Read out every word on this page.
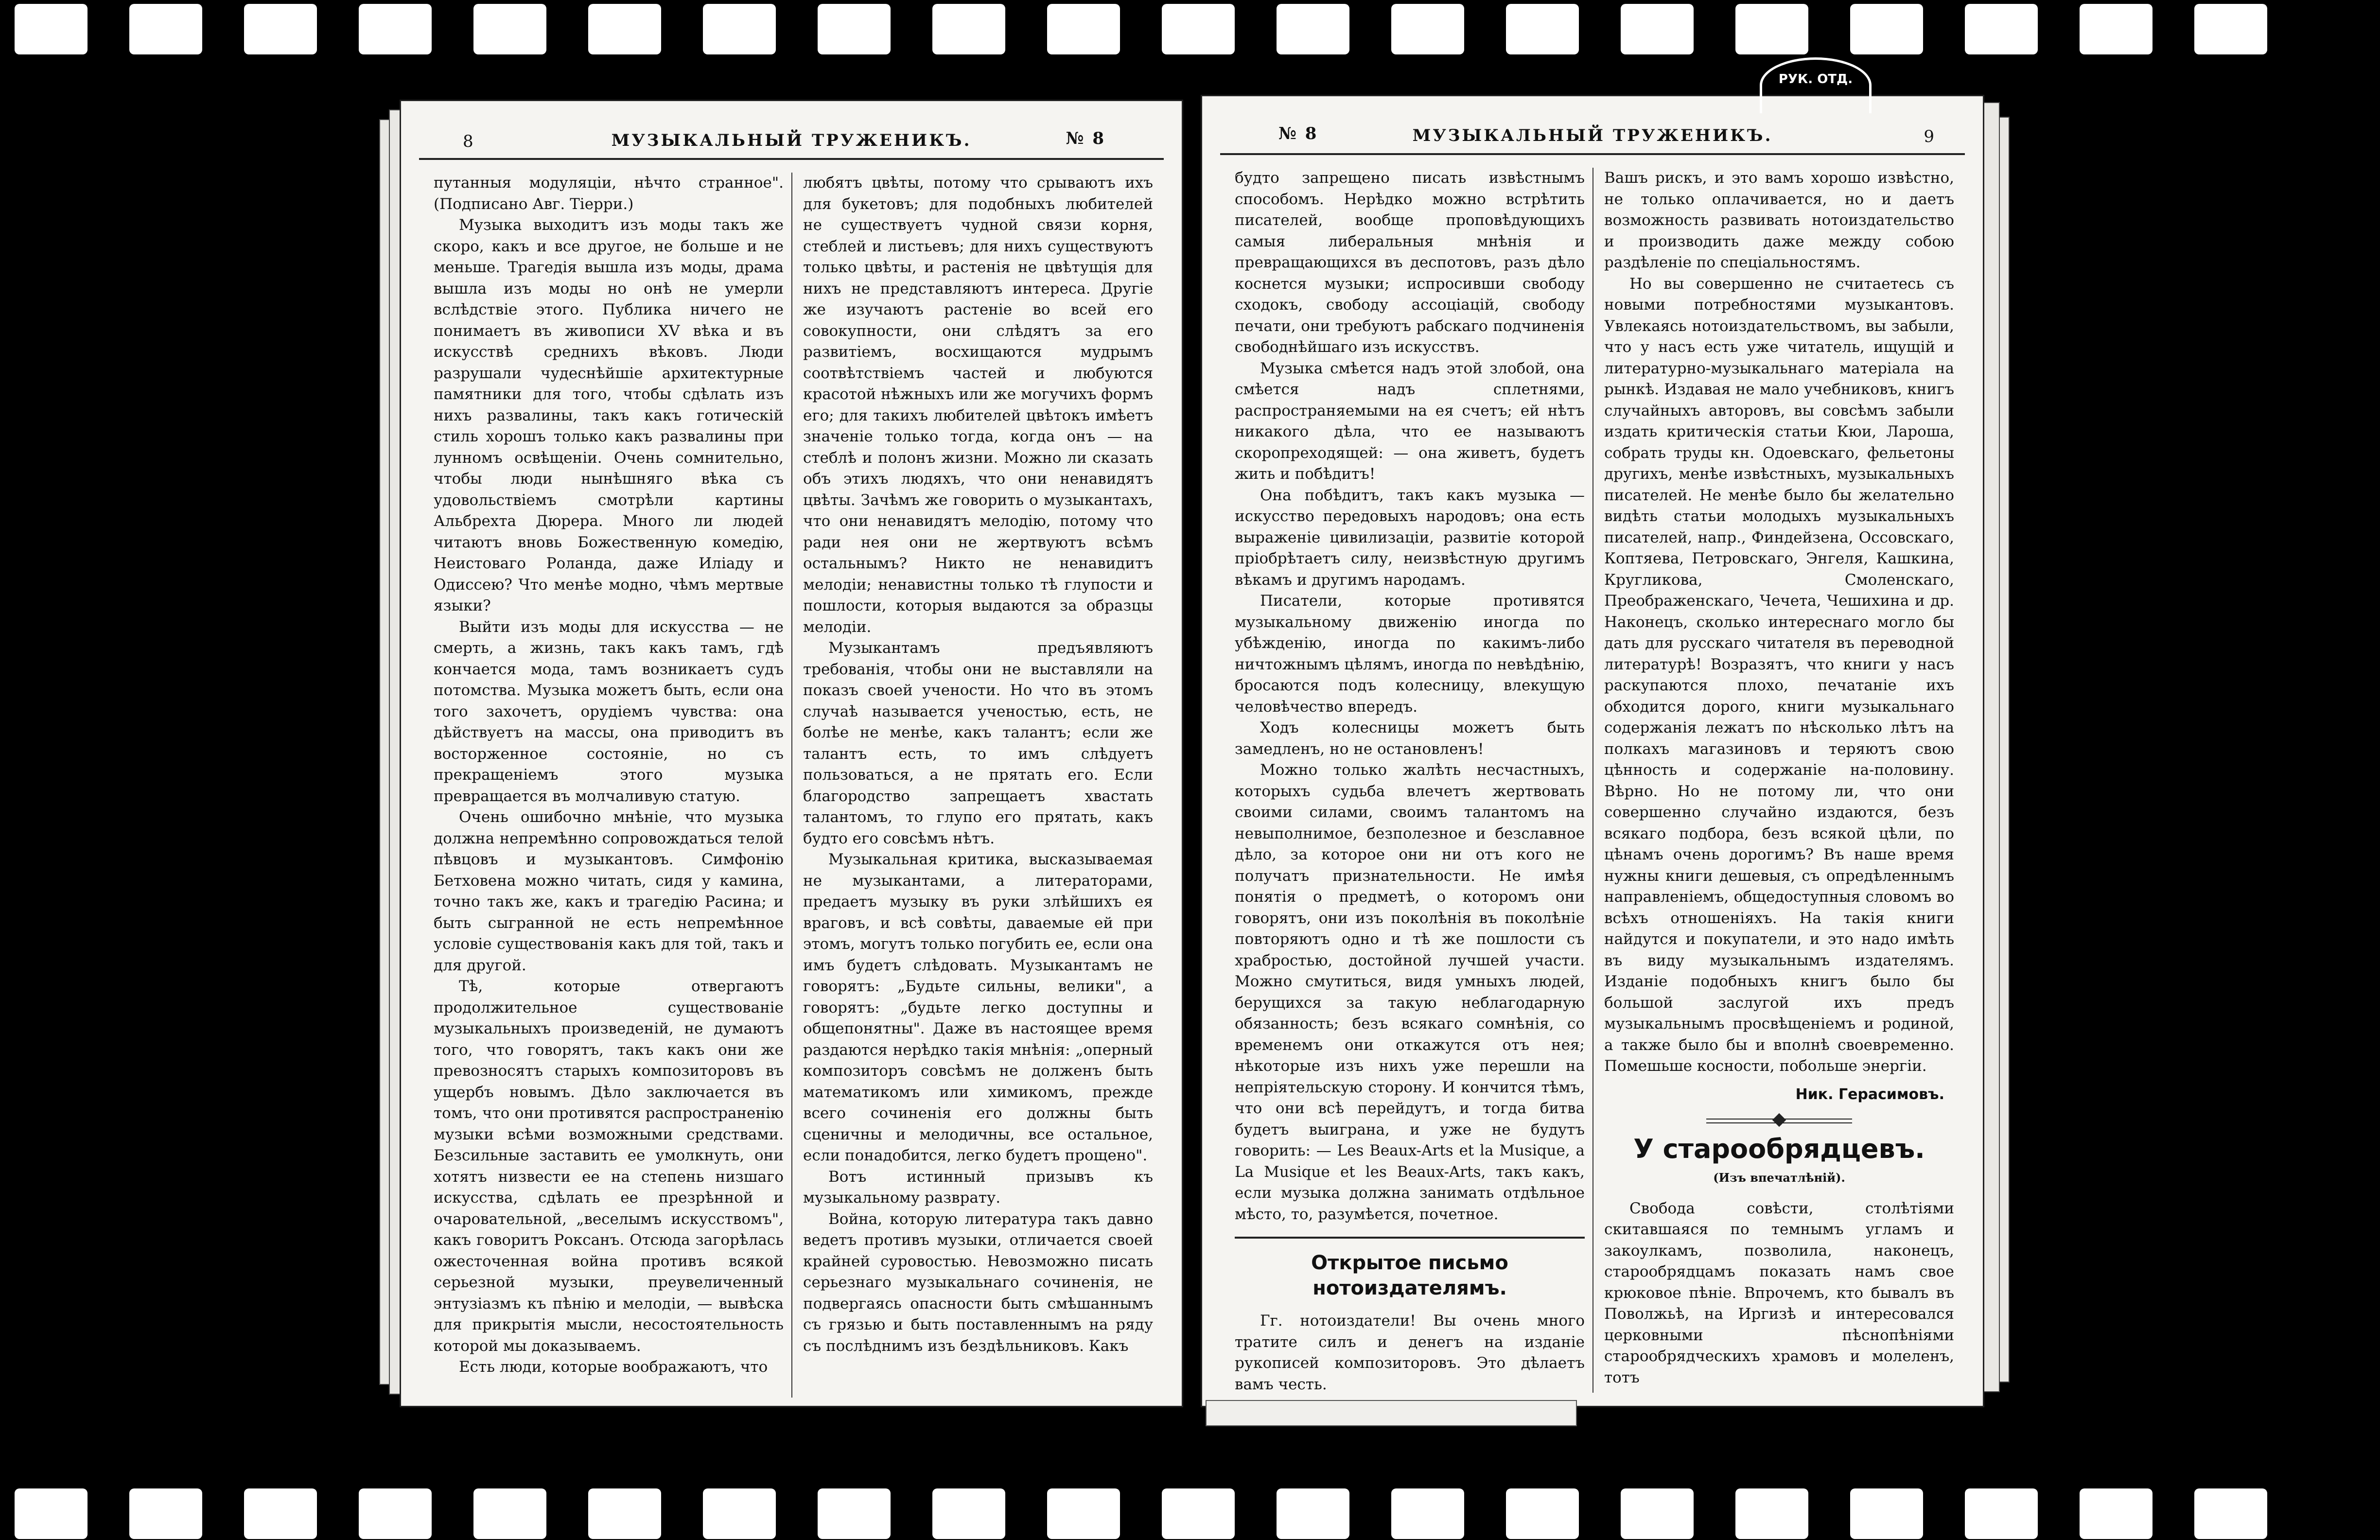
8	МУЗЫКАЛЬНЫЙ ТРУЖЕНИКЪ.	№ 8

путанныя модуляцiи, нѣчто странное". (Подписано Авг. Тiерри.)

Музыка выходитъ изъ моды такъ же скоро, какъ и все другое, не больше и не меньше. Трагедiя вышла изъ моды, драма вышла изъ моды но онѣ не умерли вслѣдствiе этого. Публика ничего не понимаетъ въ живописи XV вѣка и въ искусствѣ среднихъ вѣковъ. Люди разрушали чудеснѣйшiе архитектурные памятники для того, чтобы сдѣлать изъ нихъ развалины, такъ какъ готическiй стиль хорошъ только какъ развалины при лунномъ освѣщенiи. Очень сомнительно, чтобы люди нынѣшняго вѣка съ удовольствiемъ смотрѣли картины Альбрехта Дюрера. Много ли людей читаютъ вновь Божественную комедiю, Неистоваго Роланда, даже Илiаду и Одиссею? Что менѣе модно, чѣмъ мертвые языки?

Выйти изъ моды для искусства — не смерть, а жизнь, такъ какъ тамъ, гдѣ кончается мода, тамъ возникаетъ судъ потомства. Музыка можетъ быть, если она того захочетъ, орудiемъ чувства: она дѣйствуетъ на массы, она приводитъ въ восторженное состоянiе, но съ прекращенiемъ этого музыка превращается въ молчаливую статую.

Очень ошибочно мнѣнiе, что музыка должна непремѣнно сопровождаться телой пѣвцовъ и музыкантовъ. Симфонiю Бетховена можно читать, сидя у камина, точно такъ же, какъ и трагедiю Расина; и быть сыгранной не есть непремѣнное условiе существованiя какъ для той, такъ и для другой.

Тѣ, которые отвергаютъ продолжительное существованiе музыкальныхъ произведенiй, не думаютъ того, что говорятъ, такъ какъ они же превозносятъ старыхъ композиторовъ въ ущербъ новымъ. Дѣло заключается въ томъ, что они противятся распространенiю музыки всѣми возможными средствами. Безсильные заставить ее умолкнуть, они хотятъ низвести ее на степень низшаго искусства, сдѣлать ее презрѣнной и очаровательной, „веселымъ искусствомъ", какъ говоритъ Роксанъ. Отсюда загорѣлась ожесточенная война противъ всякой серьезной музыки, преувеличенный энтузiазмъ къ пѣнiю и мелодiи, — вывѣска для прикрытiя мысли, несостоятельность которой мы доказываемъ.

Есть люди, которые воображаютъ, что

любятъ цвѣты, потому что срываютъ ихъ для букетовъ; для подобныхъ любителей не существуетъ чудной связи корня, стеблей и листьевъ; для нихъ существуютъ только цвѣты, и растенiя не цвѣтущiя для нихъ не представляютъ интереса. Другiе же изучаютъ растенiе во всей его совокупности, они слѣдятъ за его развитiемъ, восхищаются мудрымъ соотвѣтствiемъ частей и любуются красотой нѣжныхъ или же могучихъ формъ его; для такихъ любителей цвѣтокъ имѣетъ значенiе только тогда, когда онъ — на стеблѣ и полонъ жизни. Можно ли сказать объ этихъ людяхъ, что они ненавидятъ цвѣты. Зачѣмъ же говорить о музыкантахъ, что они ненавидятъ мелодiю, потому что ради нея они не жертвуютъ всѣмъ остальнымъ? Никто не ненавидитъ мелодiи; ненавистны только тѣ глупости и пошлости, которыя выдаются за образцы мелодiи.

Музыкантамъ предъявляютъ требованiя, чтобы они не выставляли на показъ своей учености. Но что въ этомъ случаѣ называется ученостью, есть, не болѣе не менѣе, какъ талантъ; если же талантъ есть, то имъ слѣдуетъ пользоваться, а не прятать его. Если благородство запрещаетъ хвастать талантомъ, то глупо его прятать, какъ будто его совсѣмъ нѣтъ.

Музыкальная критика, высказываемая не музыкантами, а литераторами, предаетъ музыку въ руки злѣйшихъ ея враговъ, и всѣ совѣты, даваемые ей при этомъ, могутъ только погубить ее, если она имъ будетъ слѣдовать. Музыкантамъ не говорятъ: „Будьте сильны, велики", а говорятъ: „будьте легко доступны и общепонятны". Даже въ настоящее время раздаются нерѣдко такiя мнѣнiя: „оперный композиторъ совсѣмъ не долженъ быть математикомъ или химикомъ, прежде всего сочиненiя его должны быть сценичны и мелодичны, все остальное, если понадобится, легко будетъ прощено".

Вотъ истинный призывъ къ музыкальному разврату.

Война, которую литература такъ давно ведетъ противъ музыки, отличается своей крайней суровостью. Невозможно писать серьезнаго музыкальнаго сочиненiя, не подвергаясь опасности быть смѣшаннымъ съ грязью и быть поставленнымъ на ряду съ послѣднимъ изъ бездѣльниковъ. Какъ

№ 8	МУЗЫКАЛЬНЫЙ ТРУЖЕНИКЪ.	9

будто запрещено писать извѣстнымъ способомъ. Нерѣдко можно встрѣтить писателей, вообще проповѣдующихъ самыя либеральныя мнѣнiя и превращающихся въ деспотовъ, разъ дѣло коснется музыки; испросивши свободу сходокъ, свободу ассоцiацiй, свободу печати, они требуютъ рабскаго подчиненiя свободнѣйшаго изъ искусствъ.

Музыка смѣется надъ этой злобой, она смѣется надъ сплетнями, распространяемыми на ея счетъ; ей нѣтъ никакого дѣла, что ее называютъ скоропреходящей: — она живетъ, будетъ жить и побѣдитъ!

Она побѣдитъ, такъ какъ музыка — искусство передовыхъ народовъ; она есть выраженiе цивилизацiи, развитiе которой прiобрѣтаетъ силу, неизвѣстную другимъ вѣкамъ и другимъ народамъ.

Писатели, которые противятся музыкальному движенiю иногда по убѣжденiю, иногда по какимъ-либо ничтожнымъ цѣлямъ, иногда по невѣдѣнiю, бросаются подъ колесницу, влекущую человѣчество впередъ.

Ходъ колесницы можетъ быть замедленъ, но не остановленъ!

Можно только жалѣть несчастныхъ, которыхъ судьба влечетъ жертвовать своими силами, своимъ талантомъ на невыполнимое, безполезное и безславное дѣло, за которое они ни отъ кого не получатъ признательности. Не имѣя понятiя о предметѣ, о которомъ они говорятъ, они изъ поколѣнiя въ поколѣнiе повторяютъ одно и тѣ же пошлости съ храбростью, достойной лучшей участи. Можно смутиться, видя умныхъ людей, берущихся за такую неблагодарную обязанность; безъ всякаго сомнѣнiя, со временемъ они откажутся отъ нея; нѣкоторые изъ нихъ уже перешли на непрiятельскую сторону. И кончится тѣмъ, что они всѣ перейдутъ, и тогда битва будетъ выиграна, и уже не будутъ говорить: — Les Beaux-Arts et la Musique, a La Musique et les Beaux-Arts, такъ какъ, если музыка должна занимать отдѣльное мѣсто, то, разумѣется, почетное.

Открытое письмо нотоиздателямъ.

Гг. нотоиздатели! Вы очень много тратите силъ и денегъ на изданiе рукописей композиторовъ. Это дѣлаетъ вамъ честь.

Вашъ рискъ, и это вамъ хорошо извѣстно, не только оплачивается, но и даетъ возможность развивать нотоиздательство и производить даже между собою раздѣленiе по спецiальностямъ.

Но вы совершенно не считаетесь съ новыми потребностями музыкантовъ. Увлекаясь нотоиздательствомъ, вы забыли, что у насъ есть уже читатель, ищущiй и литературно-музыкальнаго матерiала на рынкѣ. Издавая не мало учебниковъ, книгъ случайныхъ авторовъ, вы совсѣмъ забыли издать критическiя статьи Кюи, Лароша, собрать труды кн. Одоевскаго, фельетоны другихъ, менѣе извѣстныхъ, музыкальныхъ писателей. Не менѣе было бы желательно видѣть статьи молодыхъ музыкальныхъ писателей, напр., Финдейзена, Оссовскаго, Коптяева, Петровскаго, Энгеля, Кашкина, Кругликова, Смоленскаго, Преображенскаго, Чечета, Чешихина и др. Наконецъ, сколько интереснаго могло бы дать для русскаго читателя въ переводной литературѣ! Возразятъ, что книги у насъ раскупаются плохо, печатанiе ихъ обходится дорого, книги музыкальнаго содержанiя лежатъ по нѣсколько лѣтъ на полкахъ магазиновъ и теряютъ свою цѣнность и содержанiе на-половину. Вѣрно. Но не потому ли, что они совершенно случайно издаются, безъ всякаго подбора, безъ всякой цѣли, по цѣнамъ очень дорогимъ? Въ наше время нужны книги дешевыя, съ опредѣленнымъ направленiемъ, общедоступныя словомъ во всѣхъ отношенiяхъ. На такiя книги найдутся и покупатели, и это надо имѣть въ виду музыкальнымъ издателямъ. Изданiе подобныхъ книгъ было бы большой заслугой ихъ предъ музыкальнымъ просвѣщенiемъ и родиной, а также было бы и вполнѣ своевременно. Помешьше косности, побольше энергiи.

Ник. Герасимовъ.
У старообрядцевъ.
(Изъ впечатлѣнiй).

Свобода совѣсти, столѣтiями скитавшаяся по темнымъ угламъ и закоулкамъ, позволила, наконецъ, старообрядцамъ показать намъ свое крюковое пѣнiе. Впрочемъ, кто бывалъ въ Поволжьѣ, на Иргизѣ и интересовался церковными пѣснопѣнiями старообрядческихъ храмовъ и молеленъ, тотъ

РУК. ОТД.
